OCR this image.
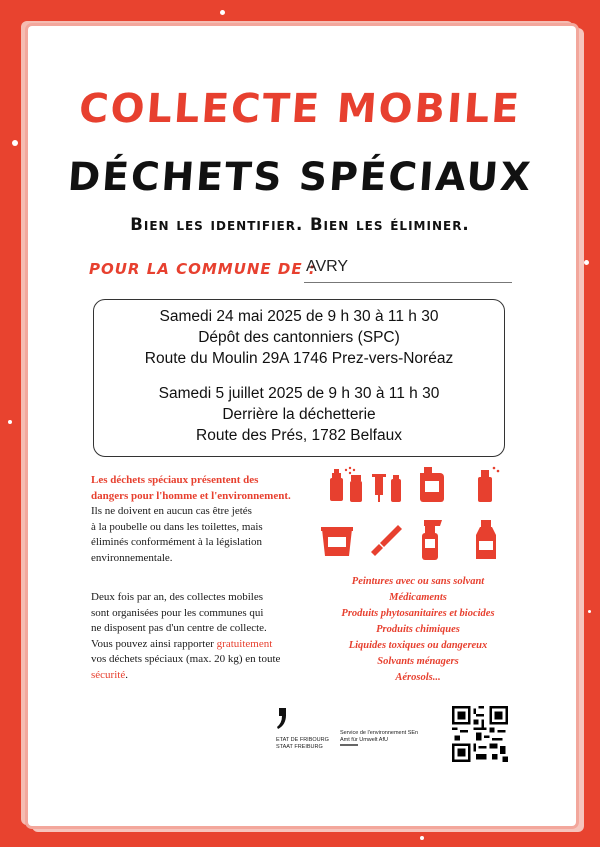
COLLECTE MOBILE
DÉCHETS SPÉCIAUX
Bien les identifier. Bien les éliminer.
POUR LA COMMUNE DE :
AVRY
Samedi 24 mai 2025 de 9 h 30 à 11 h 30
Dépôt des cantonniers (SPC)
Route du Moulin 29A 1746 Prez-vers-Noréaz
Samedi 5 juillet 2025 de 9 h 30 à 11 h 30
Derrière la déchetterie
Route des Prés, 1782 Belfaux
Les déchets spéciaux présentent des
dangers pour l'homme et l'environnement.
Ils ne doivent en aucun cas être jetés
à la poubelle ou dans les toilettes, mais
éliminés conformément à la législation
environnementale.
Deux fois par an, des collectes mobiles
sont organisées pour les communes qui
ne disposent pas d'un centre de collecte.
Vous pouvez ainsi rapporter gratuitement
vos déchets spéciaux (max. 20 kg) en toute
sécurité.
Peintures avec ou sans solvant
Médicaments
Produits phytosanitaires et biocides
Produits chimiques
Liquides toxiques ou dangereux
Solvants ménagers
Aérosols...
ETAT DE FRIBOURG
STAAT FREIBURG
Service de l'environnement SEn
Amt für Umwelt AfU
